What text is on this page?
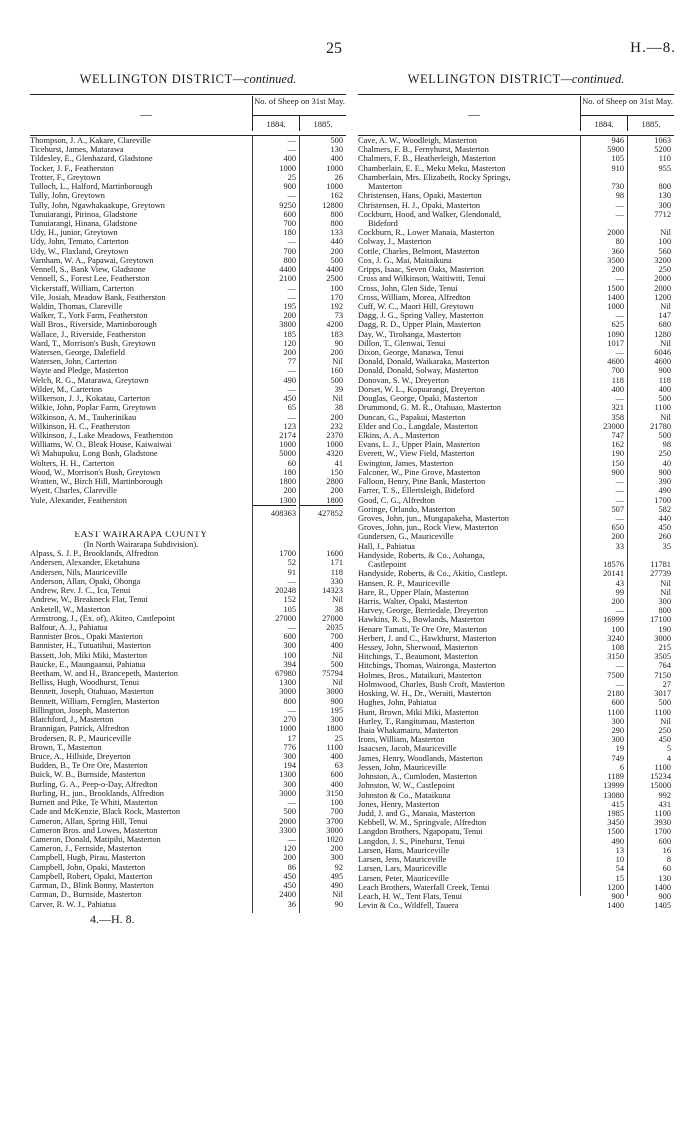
25	H.—8.
WELLINGTON DISTRICT—continued.
—
No. of Sheep on 31st May.
1884.	1885.
Thompson, J. A., Kakare, Clareville	—	500
Ticehurst, James, Matarawa	—	130
Tildesley, E., Glenhazard, Gladstone	400	400
Tocker, J. F., Featherston	1000	1000
Trotter, F., Greytown	25	26
Tulloch, L., Halford, Martinborough	900	1000
Tully, John, Greytown	—	162
Tully, John, Ngawhakaakupe, Greytown	9250	12800
Tunuiarangi, Pirinoa, Gladstone	600	800
Tunuiarangi, Hinana, Gladstone	700	800
Udy, H., junior, Greytown	180	133
Udy, John, Temato, Carterton	—	440
Udy, W., Flaxland, Greytown	700	200
Varnham, W. A., Papawai, Greytown	800	500
Vennell, S., Bank View, Gladstone	4400	4400
Vennell, S., Forest Lee, Featherston	2100	2500
Vickerstaff, William, Carterton	—	100
Vile, Josiah, Meadow Bank, Featherston	—	170
Waldin, Thomas, Clareville	195	192
Walker, T., York Farm, Featherston	200	73
Wall Bros., Riverside, Martinborough	3800	4200
Wallace, J., Riverside, Featherston	185	183
Ward, T., Morrison's Bush, Greytown	120	90
Watersen, George, Dalefield	200	200
Watersen, John, Carterton	77	Nil
Wayte and Pledge, Masterton	—	160
Welch, R. G., Matarawa, Greytown	490	500
Wilder, M., Carterton	—	39
Wilkerson, J. J., Kokatau, Carterton	450	Nil
Wilkie, John, Poplar Farm, Greytown	65	38
Wilkinson, A. M., Tauherinikau	—	200
Wilkinson, H. C., Featherston	123	232
Wilkinson, J., Lake Meadows, Featherston	2174	2370
Williams, W. O., Bleak House, Kaiwaiwai	1000	1000
Wi Mahupuku, Long Bush, Gladstone	5000	4320
Wolters, H. H., Carterton	60	41
Wood, W., Morrison's Bush, Greytown	180	150
Wratten, W., Birch Hill, Martinborough	1800	2800
Wyett, Charles, Clareville	200	200
Yule, Alexander, Featherston	1300	1800
408363	427852
EAST WAIRARAPA COUNTY
(In North Wairarapa Subdivision).
Alpass, S. J. P., Brooklands, Alfredton	1700	1600
Andersen, Alexander, Eketahuna	52	171
Andersen, Nils, Mauriceville	91	118
Anderson, Allan, Opaki, Ohonga	—	330
Andrew, Rev. J. C., Ica, Tenui	20248	14323
Andrew, W., Breakneck Flat, Tenui	152	Nil
Anketell, W., Masterton	105	38
Armstrong, J., (Ex. of), Akiteo, Castlepoint	27000	27000
Balfour, A. J., Pahiatua	—	2035
Bannister Bros., Opaki Masterton	600	700
Bannister, H., Tutuatihui, Masterton	300	400
Bassett, Job, Miki Miki, Masterton	100	Nil
Baucke, E., Maungaanui, Pahiatua	394	500
Beetham, W. and H., Brancepeth, Masterton	67980	75794
Belliss, Hugh, Woodhurst, Tenui	1300	Nil
Bennett, Joseph, Otahuao, Masterton	3000	3000
Bennett, William, Fernglen, Masterton	800	900
Billington, Joseph, Masterton	—	195
Blatchford, J., Masterton	270	300
Brannigan, Patrick, Alfredton	1000	1800
Brodersen, R. P., Mauriceville	17	25
Brown, T., Masterton	776	1100
Bruce, A., Hillside, Dreyerton	300	400
Budden, B., Te Ore Ore, Masterton	194	63
Buick, W. B., Burnside, Masterton	1300	600
Burling, G. A., Peep-o-Day, Alfredton	300	400
Burling, H., jun., Brooklands, Alfredton	3000	3150
Burnett and Pike, Te Whiti, Masterton	—	100
Cade and McKenzie, Black Rock, Masterton	500	700
Cameron, Allan, Spring Hill, Tenui	2000	3700
Cameron Bros. and Lowes, Masterton	3300	3000
Cameron, Donald, Matipihi, Masterton	—	1020
Cameron, J., Fernside, Masterton	120	200
Campbell, Hugh, Pirau, Masterton	200	300
Campbell, John, Opaki, Masterton	86	92
Campbell, Robert, Opaki, Masterton	450	495
Carman, D., Blink Bonny, Masterton	450	490
Carman, D., Burnside, Masterton	2400	Nil
Carver, R. W. J., Pahiatua	36	90
4.—H. 8.
WELLINGTON DISTRICT—continued.
—
No. of Sheep on 31st May.
1884.	1885.
Cave, A. W., Woodleigh, Masterton	946	1063
Chalmers, F. B., Fernyhurst, Masterton	5900	5200
Chalmers, F. B., Heatherleigh, Masterton	105	110
Chamberlain, E. E., Meku Meku, Masterton	910	955
Chamberlain, Mrs. Elizabeth, Rocky Springs,
Masterton	730	800
Christensen, Hans, Opaki, Masterton	98	130
Christensen, H. J., Opaki, Masterton	—	300
Cockburn, Hood, and Walker, Glendonald,	—	7712
Bideford
Cockburn, R., Lower Manaia, Masterton	2000	Nil
Colway, J., Masterton	80	100
Cottle, Charles, Belmont, Masterton	360	560
Cox, J. G., Mai, Maitaikuna	3500	3200
Cripps, Isaac, Seven Oaks, Masterton	200	250
Cross and Wilkinson, Waitiwiti, Tenui	—	2000
Cross, John, Glen Side, Tenui	1500	2000
Cross, William, Morea, Alfredton	1400	1200
Cuff, W. C., Maori Hill, Greytown	1000	Nil
Dagg, J. G., Spring Valley, Masterton	—	147
Dagg, R. D., Upper Plain, Masterton	625	680
Day, W., Tirohanga, Masterton	1090	1280
Dillon, T., Glenwai, Tenui	1017	Nil
Dixon, George, Manawa, Tenui	—	6046
Donald, Donald, Waikaraka, Masterton	4600	4600
Donald, Donald, Solway, Masterton	700	900
Donovan, S. W., Dreyerton	118	118
Dorset, W. L., Kopuarangi, Dreyerton	400	400
Douglas, George, Opaki, Masterton	—	500
Drummond, G. M. R., Otahuao, Masterton	321	1100
Duncan, G., Papakui, Masterton	358	Nil
Elder and Co., Langdale, Masterton	23000	21780
Elkins, A. A., Masterton	747	500
Evans, L. J., Upper Plain, Masterton	162	98
Everett, W., View Field, Masterton	190	250
Ewington, James, Masterton	150	40
Falconer, W., Pine Grove, Masterton	900	900
Falloon, Henry, Pine Bank, Masterton	—	390
Farrer, T. S., Ellertsleigh, Bideford	—	490
Good, C. G., Alfredton	—	1700
Goringe, Orlando, Masterton	507	582
Groves, John, jun., Mungapakeha, Masterton	—	440
Groves, John, jun., Rock View, Masterton	650	450
Gundersen, G., Mauriceville	200	260
Hall, J., Pahiatua	33	35
Handyside, Roberts, & Co., Aohanga,
Castlepoint	18576	11781
Handyside, Roberts, & Co., Akitio, Castlept.	20141	27739
Hansen, R. P., Mauriceville	43	Nil
Hare, R., Upper Plain, Masterton	99	Nil
Harris, Walter, Opaki, Masterton	200	300
Harvey, George, Berriedale, Dreyerton	—	800
Hawkins, R. S., Bowlands, Masterton	16999	17100
Henare Tamati, Te Ore Ore, Masterton	100	190
Herbert, J. and C., Hawkhurst, Masterton	3240	3000
Hessey, John, Sherwood, Masterton	108	215
Hitchings, T., Beaumont, Masterton	3150	3505
Hitchings, Thomas, Waironga, Masterton	—	764
Holmes, Bros., Mataikuri, Masterton	7500	7150
Holmwood, Charles, Bush Croft, Masterton	—	27
Hosking, W. H., Dr., Weraiti, Masterton	2180	3017
Hughes, John, Pahiatua	600	500
Hunt, Brown, Miki Miki, Masterton	1100	1100
Hurley, T., Rangitumau, Masterton	300	Nil
Ihaia Whakamairu, Masterton	290	250
Irons, William, Masterton	300	450
Isaacsen, Jacob, Mauriceville	19	5
James, Henry, Woodlands, Masterton	749	4
Jessen, John, Mauriceville	6	1100
Johnston, A., Cumloden, Masterton	1189	15234
Johnston, W. W., Castlepoint	13999	15000
Johnston & Co., Mataikuna	13080	992
Jones, Henry, Masterton	415	431
Judd, J. and G., Manaia, Masterton	1985	1100
Kebbell, W. M., Springvale, Alfredton	3450	3930
Langdon Brothers, Ngapopatu, Tenui	1500	1700
Langdon, J. S., Pinehurst, Tenui	490	600
Larsen, Hans, Mauriceville	13	16
Larsen, Jens, Mauriceville	10	8
Larsen, Lars, Mauriceville	54	60
Larsen, Peter, Mauriceville	15	130
Leach Brothers, Waterfall Creek, Tenui	1200	1400
Leach, H. W., Tent Flats, Tenui	900	900
Levin & Co., Wildfell, Tauera	1400	1405
